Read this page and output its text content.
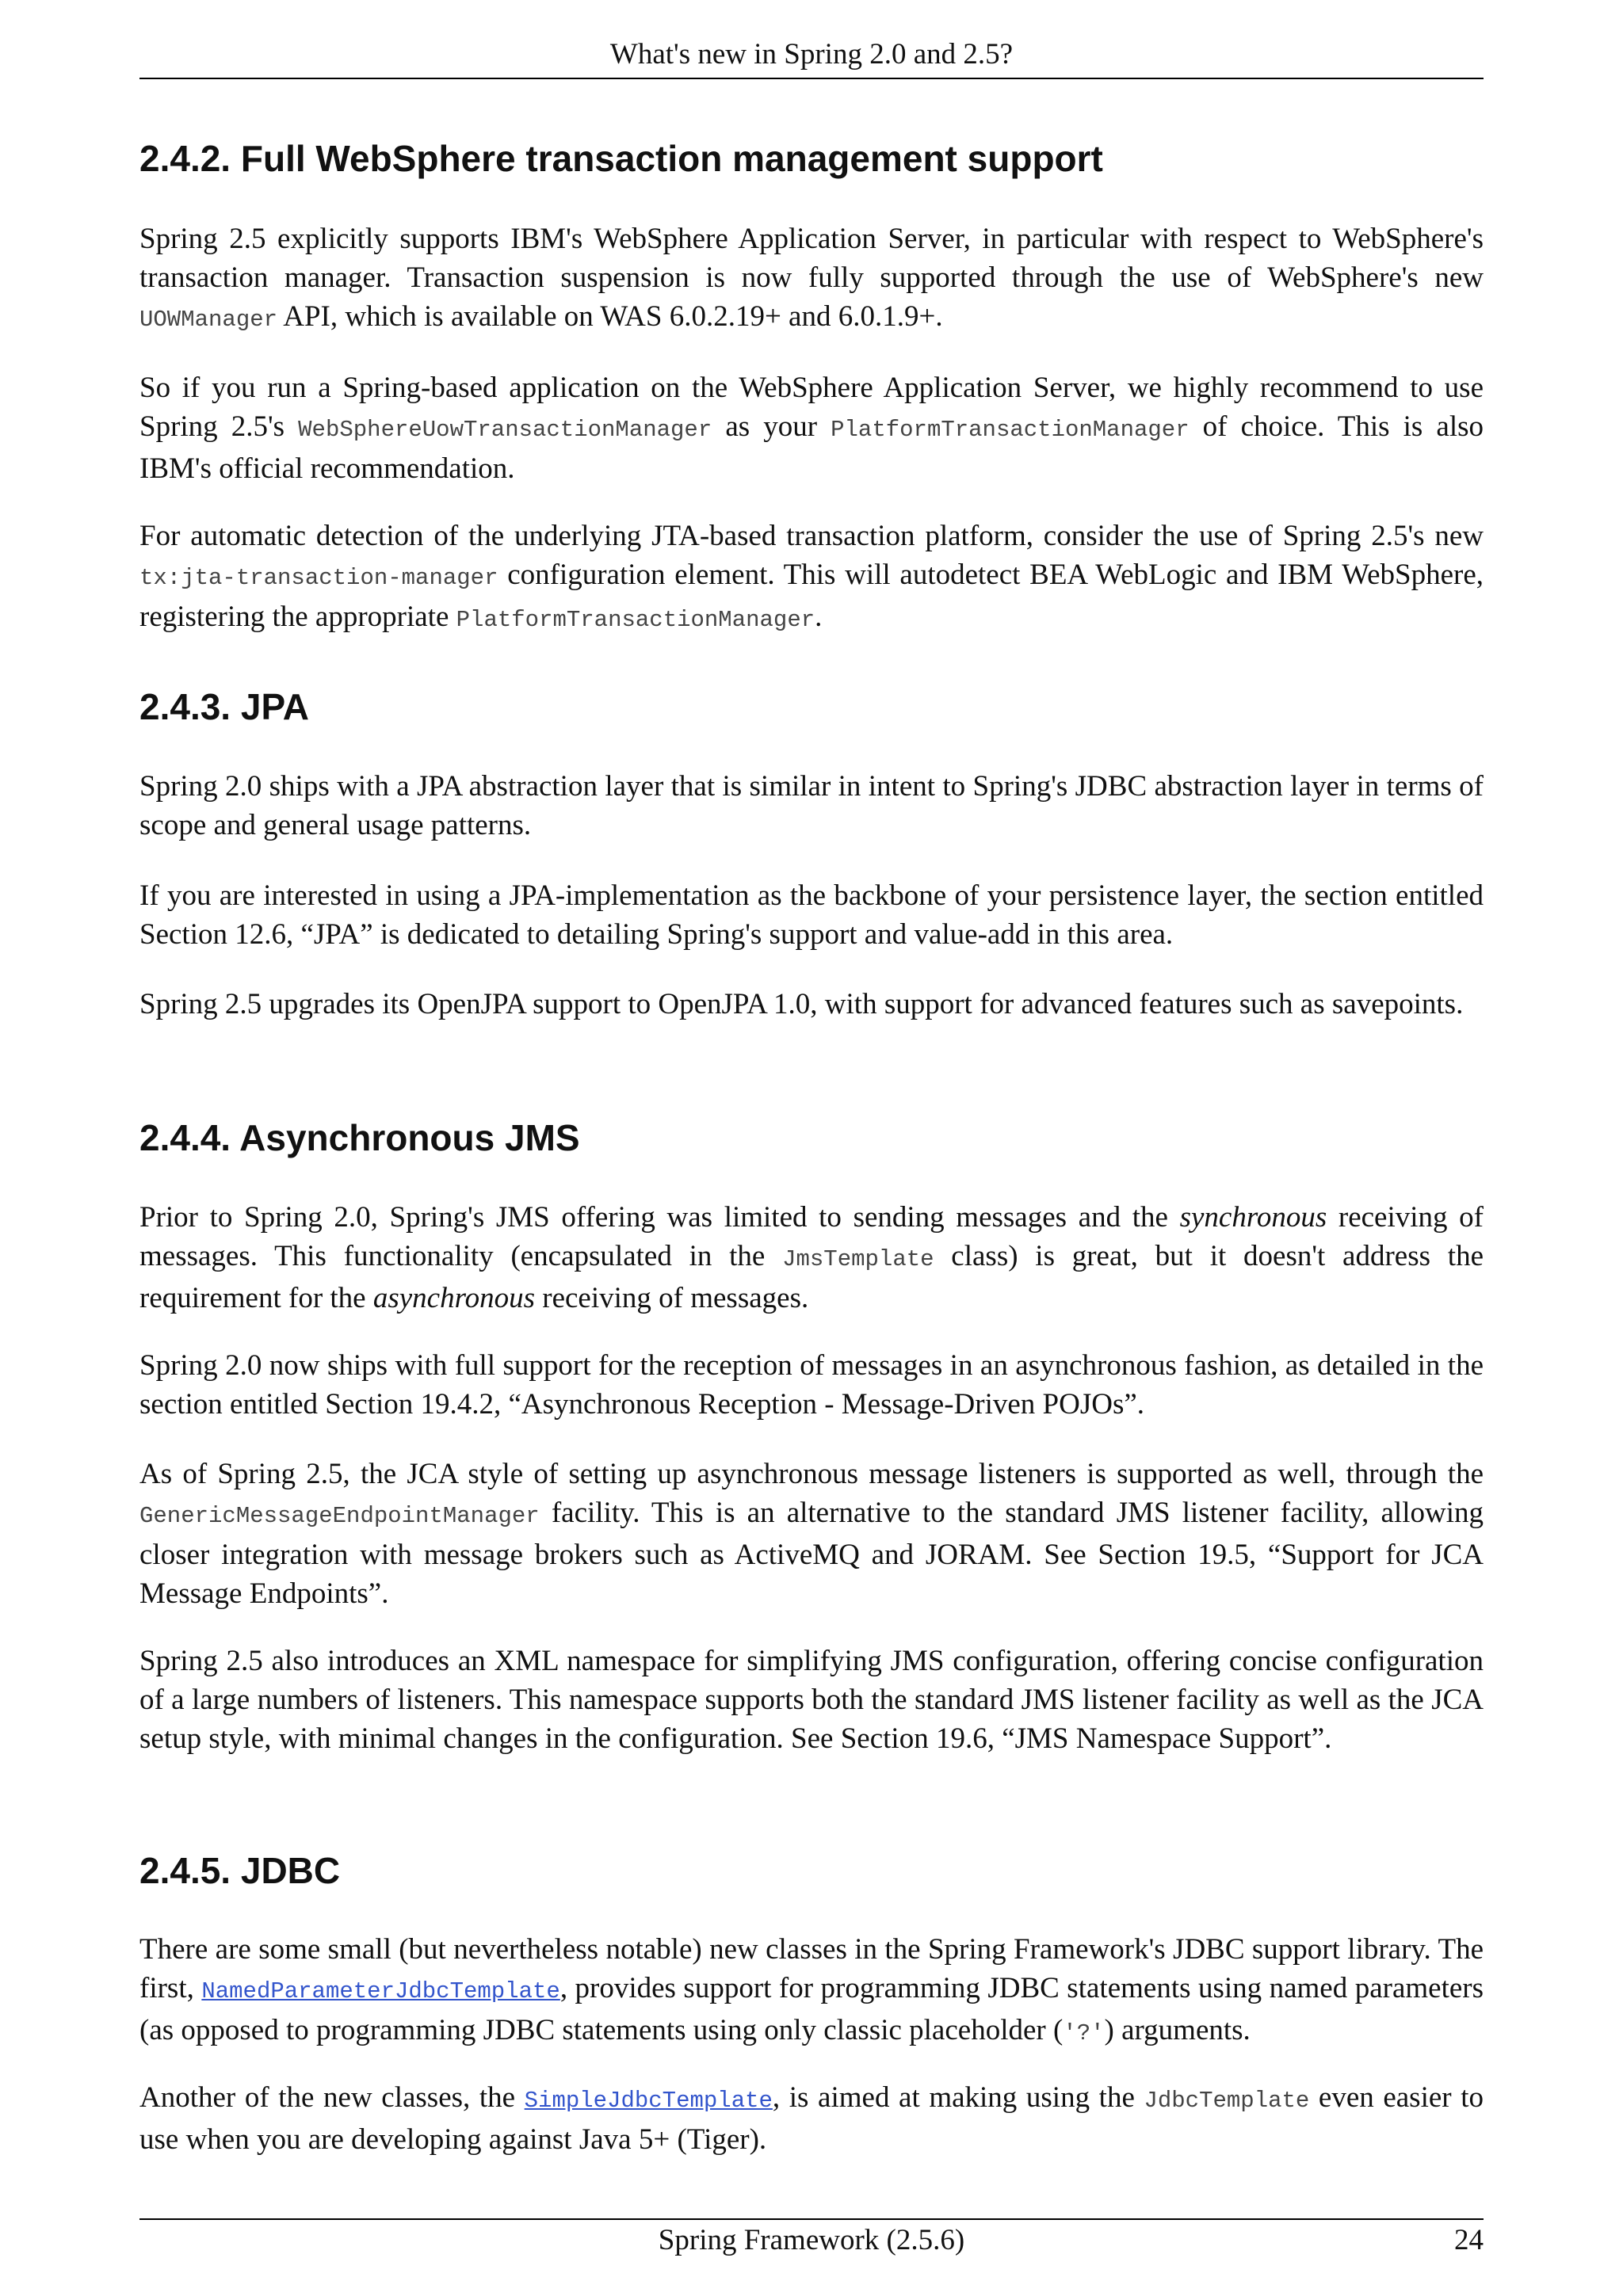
What's new in Spring 2.0 and 2.5?
2.4.2. Full WebSphere transaction management support

Spring 2.5 explicitly supports IBM's WebSphere Application Server, in particular with respect to WebSphere's transaction manager. Transaction suspension is now fully supported through the use of WebSphere's new UOWManager API, which is available on WAS 6.0.2.19+ and 6.0.1.9+.

So if you run a Spring-based application on the WebSphere Application Server, we highly recommend to use Spring 2.5's WebSphereUowTransactionManager as your PlatformTransactionManager of choice. This is also IBM's official recommendation.

For automatic detection of the underlying JTA-based transaction platform, consider the use of Spring 2.5's new tx:jta-transaction-manager configuration element. This will autodetect BEA WebLogic and IBM WebSphere, registering the appropriate PlatformTransactionManager.

2.4.3. JPA

Spring 2.0 ships with a JPA abstraction layer that is similar in intent to Spring's JDBC abstraction layer in terms of scope and general usage patterns.

If you are interested in using a JPA-implementation as the backbone of your persistence layer, the section entitled Section 12.6, “JPA” is dedicated to detailing Spring's support and value-add in this area.

Spring 2.5 upgrades its OpenJPA support to OpenJPA 1.0, with support for advanced features such as savepoints.

2.4.4. Asynchronous JMS

Prior to Spring 2.0, Spring's JMS offering was limited to sending messages and the synchronous receiving of messages. This functionality (encapsulated in the JmsTemplate class) is great, but it doesn't address the requirement for the asynchronous receiving of messages.

Spring 2.0 now ships with full support for the reception of messages in an asynchronous fashion, as detailed in the section entitled Section 19.4.2, “Asynchronous Reception - Message-Driven POJOs”.

As of Spring 2.5, the JCA style of setting up asynchronous message listeners is supported as well, through the GenericMessageEndpointManager facility. This is an alternative to the standard JMS listener facility, allowing closer integration with message brokers such as ActiveMQ and JORAM. See Section 19.5, “Support for JCA Message Endpoints”.

Spring 2.5 also introduces an XML namespace for simplifying JMS configuration, offering concise configuration of a large numbers of listeners. This namespace supports both the standard JMS listener facility as well as the JCA setup style, with minimal changes in the configuration. See Section 19.6, “JMS Namespace Support”.

2.4.5. JDBC

There are some small (but nevertheless notable) new classes in the Spring Framework's JDBC support library. The first, NamedParameterJdbcTemplate, provides support for programming JDBC statements using named parameters (as opposed to programming JDBC statements using only classic placeholder ('?') arguments.

Another of the new classes, the SimpleJdbcTemplate, is aimed at making using the JdbcTemplate even easier to use when you are developing against Java 5+ (Tiger).

Spring Framework (2.5.6)	24
